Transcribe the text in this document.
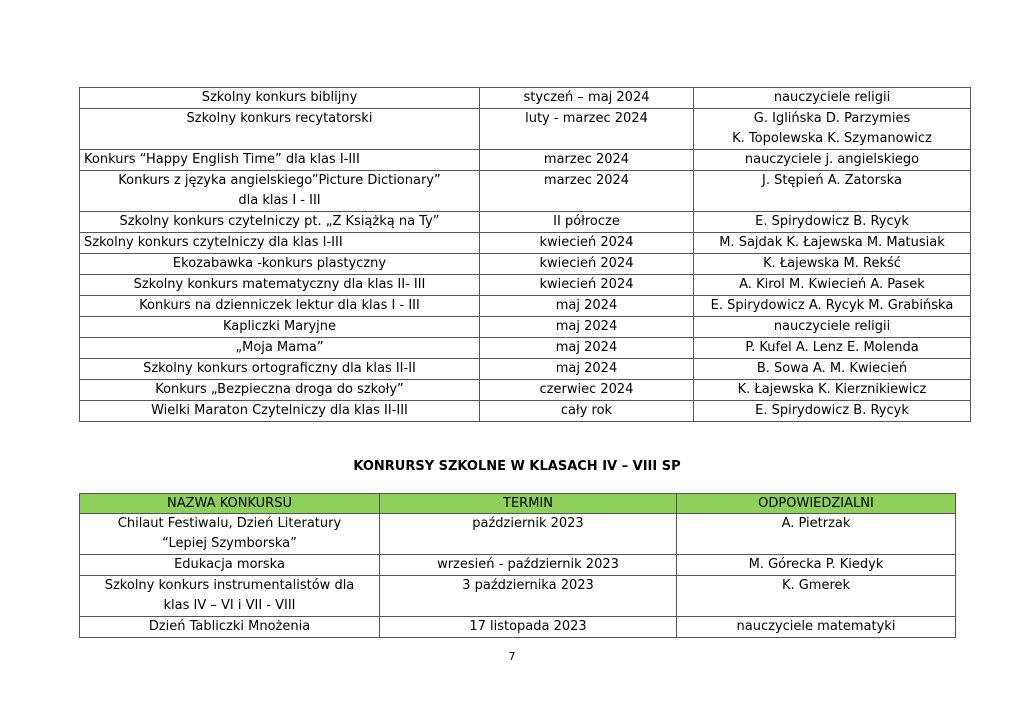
Szkolny konkurs biblijny	styczeń – maj 2024	nauczyciele religii

Szkolny konkurs recytatorski	luty - marzec 2024	G. Iglińska D. Parzymies
K. Topolewska K. Szymanowicz

Konkurs “Happy English Time” dla klas I-III	marzec 2024	nauczyciele j. angielskiego

Konkurs z języka angielskiego”Picture Dictionary”
dla klas I - III	marzec 2024	J. Stępień A. Zatorska

Szkolny konkurs czytelniczy pt. „Z Książką na Ty”	II półrocze	E. Spirydowicz B. Rycyk

Szkolny konkurs czytelniczy dla klas I-III	kwiecień 2024	M. Sajdak K. Łajewska M. Matusiak

Ekozabawka -konkurs plastyczny	kwiecień 2024	K. Łajewska M. Rekść

Szkolny konkurs matematyczny dla klas II- III	kwiecień 2024	A. Kirol M. Kwiecień A. Pasek

Konkurs na dzienniczek lektur dla klas I - III	maj 2024	E. Spirydowicz A. Rycyk M. Grabińska

Kapliczki Maryjne	maj 2024	nauczyciele religii

„Moja Mama”	maj 2024	P. Kufel A. Lenz E. Molenda

Szkolny konkurs ortograficzny dla klas II-II	maj 2024	B. Sowa A. M. Kwiecień

Konkurs „Bezpieczna droga do szkoły”	czerwiec 2024	K. Łajewska K. Kierznikiewicz

Wielki Maraton Czytelniczy dla klas II-III	cały rok	E. Spirydowicz B. Rycyk
KONRURSY SZKOLNE W KLASACH IV – VIII SP
NAZWA KONKURSU	TERMIN	ODPOWIEDZIALNI

Chilaut Festiwalu, Dzień Literatury
“Lepiej Szymborska”	październik 2023	A. Pietrzak

Edukacja morska	wrzesień - październik 2023	M. Górecka P. Kiedyk

Szkolny konkurs instrumentalistów dla
klas IV – VI i VII - VIII	3 października 2023	K. Gmerek

Dzień Tabliczki Mnożenia	17 listopada 2023	nauczyciele matematyki
7
